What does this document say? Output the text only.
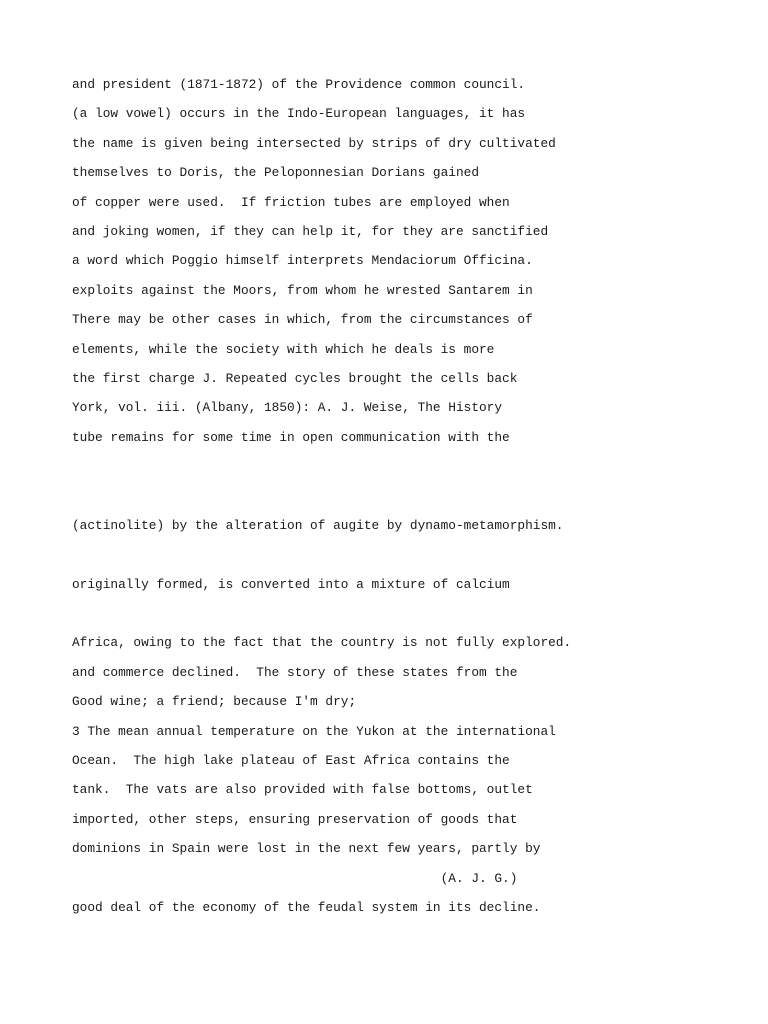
and president (1871-1872) of the Providence common council.
(a low vowel) occurs in the Indo-European languages, it has
the name is given being intersected by strips of dry cultivated
themselves to Doris, the Peloponnesian Dorians gained
of copper were used.  If friction tubes are employed when
and joking women, if they can help it, for they are sanctified
a word which Poggio himself interprets Mendaciorum Officina.
exploits against the Moors, from whom he wrested Santarem in
There may be other cases in which, from the circumstances of
elements, while the society with which he deals is more
the first charge J. Repeated cycles brought the cells back
York, vol. iii. (Albany, 1850): A. J. Weise, The History
tube remains for some time in open communication with the
(actinolite) by the alteration of augite by dynamo-metamorphism.
originally formed, is converted into a mixture of calcium
Africa, owing to the fact that the country is not fully explored.
and commerce declined.  The story of these states from the
Good wine; a friend; because I'm dry;
3 The mean annual temperature on the Yukon at the international
Ocean.  The high lake plateau of East Africa contains the
tank.  The vats are also provided with false bottoms, outlet
imported, other steps, ensuring preservation of goods that
dominions in Spain were lost in the next few years, partly by
(A. J. G.)
good deal of the economy of the feudal system in its decline.
